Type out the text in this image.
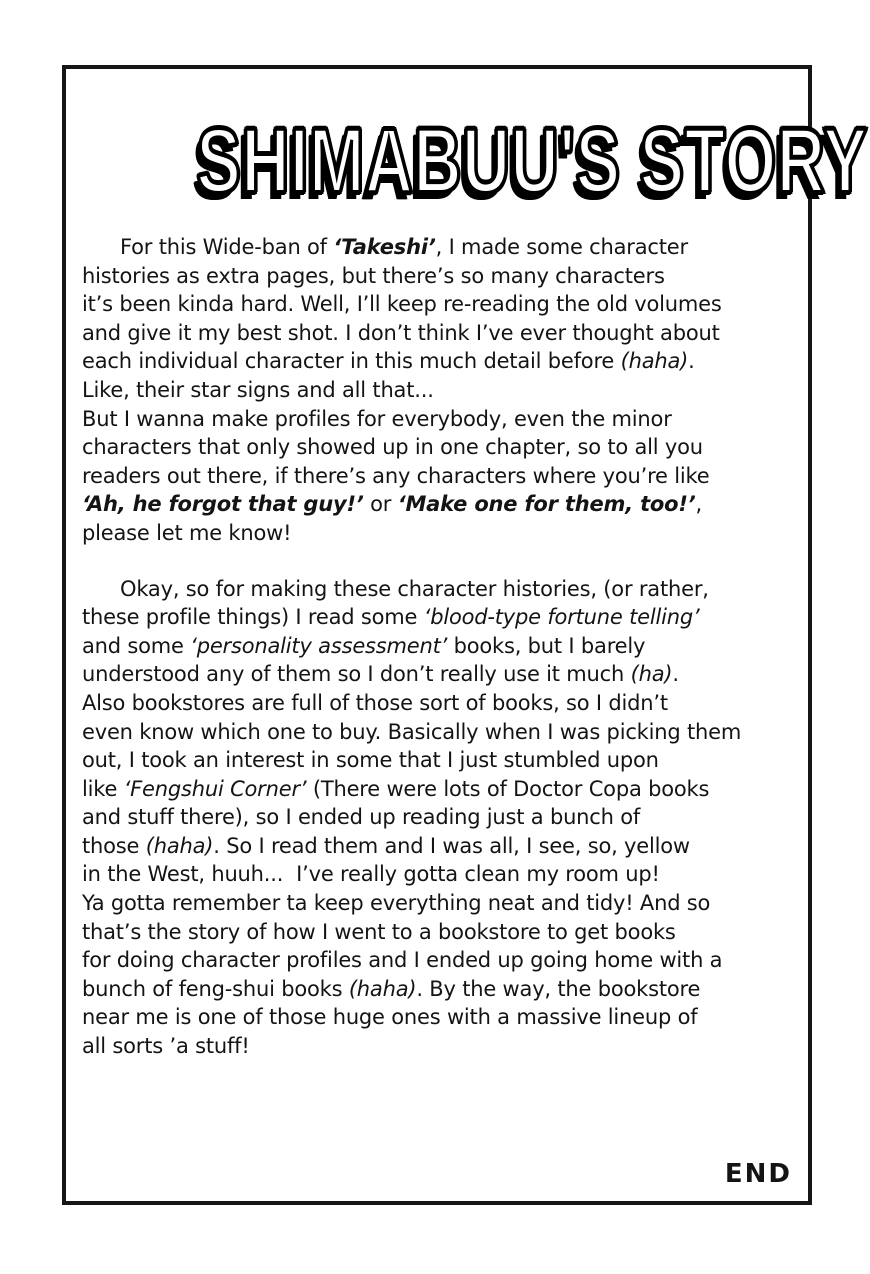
SHIMABUU'S STORY
For this Wide-ban of ‘Takeshi’, I made some character
histories as extra pages, but there’s so many characters
it’s been kinda hard. Well, I’ll keep re-reading the old volumes
and give it my best shot. I don’t think I’ve ever thought about
each individual character in this much detail before (haha).
Like, their star signs and all that...
But I wanna make profiles for everybody, even the minor
characters that only showed up in one chapter, so to all you
readers out there, if there’s any characters where you’re like
‘Ah, he forgot that guy!’ or ‘Make one for them, too!’,
please let me know!
Okay, so for making these character histories, (or rather,
these profile things) I read some ‘blood-type fortune telling’
and some ‘personality assessment’ books, but I barely
understood any of them so I don’t really use it much (ha).
Also bookstores are full of those sort of books, so I didn’t
even know which one to buy. Basically when I was picking them
out, I took an interest in some that I just stumbled upon
like ‘Fengshui Corner’ (There were lots of Doctor Copa books
and stuff there), so I ended up reading just a bunch of
those (haha). So I read them and I was all, I see, so, yellow
in the West, huuh...  I’ve really gotta clean my room up!
Ya gotta remember ta keep everything neat and tidy! And so
that’s the story of how I went to a bookstore to get books
for doing character profiles and I ended up going home with a
bunch of feng-shui books (haha). By the way, the bookstore
near me is one of those huge ones with a massive lineup of
all sorts ’a stuff!
END
